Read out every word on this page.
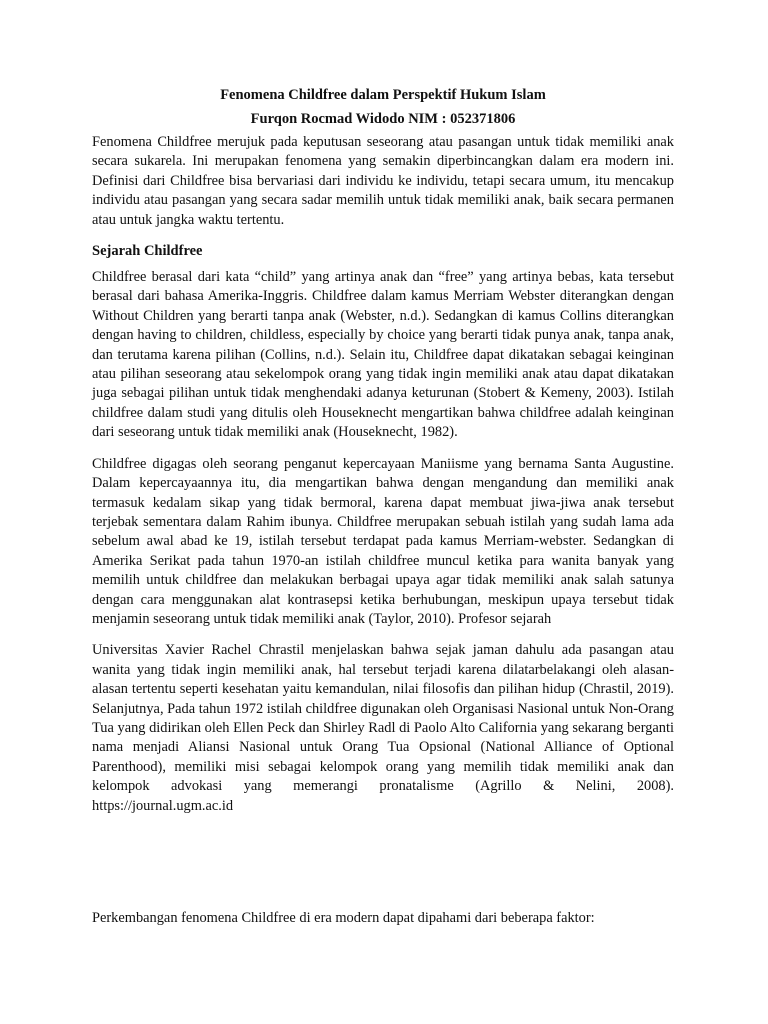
Fenomena Childfree dalam Perspektif Hukum Islam
Furqon Rocmad Widodo NIM : 052371806

Fenomena Childfree merujuk pada keputusan seseorang atau pasangan untuk tidak memiliki anak secara sukarela. Ini merupakan fenomena yang semakin diperbincangkan dalam era modern ini. Definisi dari Childfree bisa bervariasi dari individu ke individu, tetapi secara umum, itu mencakup individu atau pasangan yang secara sadar memilih untuk tidak memiliki anak, baik secara permanen atau untuk jangka waktu tertentu.

Sejarah Childfree

Childfree berasal dari kata “child” yang artinya anak dan “free” yang artinya bebas, kata tersebut berasal dari bahasa Amerika-Inggris. Childfree dalam kamus Merriam Webster diterangkan dengan Without Children yang berarti tanpa anak (Webster, n.d.). Sedangkan di kamus Collins diterangkan dengan having to children, childless, especially by choice yang berarti tidak punya anak, tanpa anak, dan terutama karena pilihan (Collins, n.d.). Selain itu, Childfree dapat dikatakan sebagai keinginan atau pilihan seseorang atau sekelompok orang yang tidak ingin memiliki anak atau dapat dikatakan juga sebagai pilihan untuk tidak menghendaki adanya keturunan (Stobert & Kemeny, 2003). Istilah childfree dalam studi yang ditulis oleh Houseknecht mengartikan bahwa childfree adalah keinginan dari seseorang untuk tidak memiliki anak (Houseknecht, 1982).

Childfree digagas oleh seorang penganut kepercayaan Maniisme yang bernama Santa Augustine. Dalam kepercayaannya itu, dia mengartikan bahwa dengan mengandung dan memiliki anak termasuk kedalam sikap yang tidak bermoral, karena dapat membuat jiwa-jiwa anak tersebut terjebak sementara dalam Rahim ibunya. Childfree merupakan sebuah istilah yang sudah lama ada sebelum awal abad ke 19, istilah tersebut terdapat pada kamus Merriam-webster. Sedangkan di Amerika Serikat pada tahun 1970-an istilah childfree muncul ketika para wanita banyak yang memilih untuk childfree dan melakukan berbagai upaya agar tidak memiliki anak salah satunya dengan cara menggunakan alat kontrasepsi ketika berhubungan, meskipun upaya tersebut tidak menjamin seseorang untuk tidak memiliki anak (Taylor, 2010). Profesor sejarah

Universitas Xavier Rachel Chrastil menjelaskan bahwa sejak jaman dahulu ada pasangan atau wanita yang tidak ingin memiliki anak, hal tersebut terjadi karena dilatarbelakangi oleh alasan-alasan tertentu seperti kesehatan yaitu kemandulan, nilai filosofis dan pilihan hidup (Chrastil, 2019). Selanjutnya, Pada tahun 1972 istilah childfree digunakan oleh Organisasi Nasional untuk Non-Orang Tua yang didirikan oleh Ellen Peck dan Shirley Radl di Paolo Alto California yang sekarang berganti nama menjadi Aliansi Nasional untuk Orang Tua Opsional (National Alliance of Optional Parenthood), memiliki misi sebagai kelompok orang yang memilih tidak memiliki anak dan kelompok advokasi yang memerangi pronatalisme (Agrillo & Nelini, 2008). https://journal.ugm.ac.id

Perkembangan fenomena Childfree di era modern dapat dipahami dari beberapa faktor:
